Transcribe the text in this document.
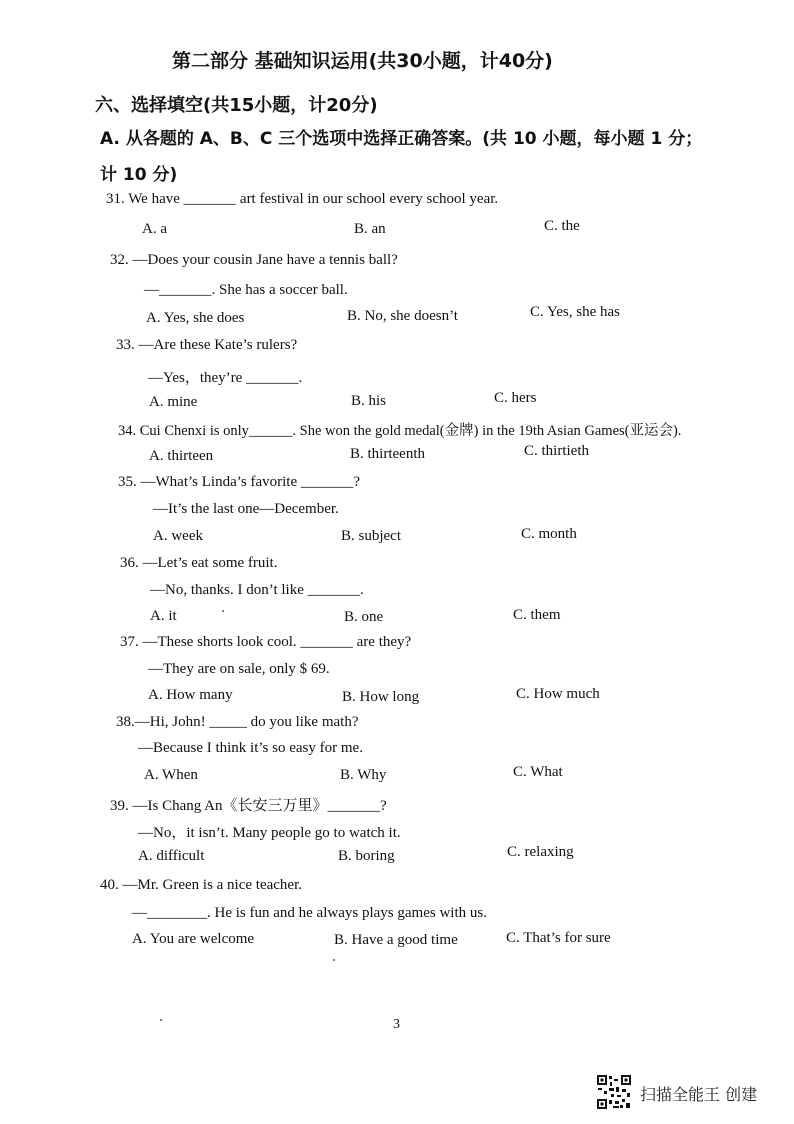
第二部分 基础知识运用(共30小题，计40分)
六、选择填空(共15小题，计20分)
A. 从各题的 A、B、C 三个选项中选择正确答案。(共 10 小题，每小题 1 分；
计 10 分)
31. We have _______ art festival in our school every school year.
A. a	B. an	C. the
32. —Does your cousin Jane have a tennis ball?
—_______. She has a soccer ball.
A. Yes, she does	B. No, she doesn’t	C. Yes, she has
33. —Are these Kate’s rulers?
—Yes，they’re _______.
A. mine	B. his	C. hers
34. Cui Chenxi is only______. She won the gold medal(金牌) in the 19th Asian Games(亚运会).
A. thirteen	B. thirteenth	C. thirtieth
35. —What’s Linda’s favorite _______?
—It’s the last one—December.
A. week	B. subject	C. month
36. —Let’s eat some fruit.
—No, thanks. I don’t like _______.
A. it	B. one	C. them
37. —These shorts look cool. _______ are they?
—They are on sale, only $ 69.
A. How many	B. How long	C. How much
38.—Hi, John! _____ do you like math?
—Because I think it’s so easy for me.
A. When	B. Why	C. What
39. —Is Chang An《长安三万里》_______?
—No，it isn’t. Many people go to watch it.
A. difficult	B. boring	C. relaxing
40. —Mr. Green is a nice teacher.
—________. He is fun and he always plays games with us.
A. You are welcome	B. Have a good time	C. That’s for sure
3
扫描全能王 创建
